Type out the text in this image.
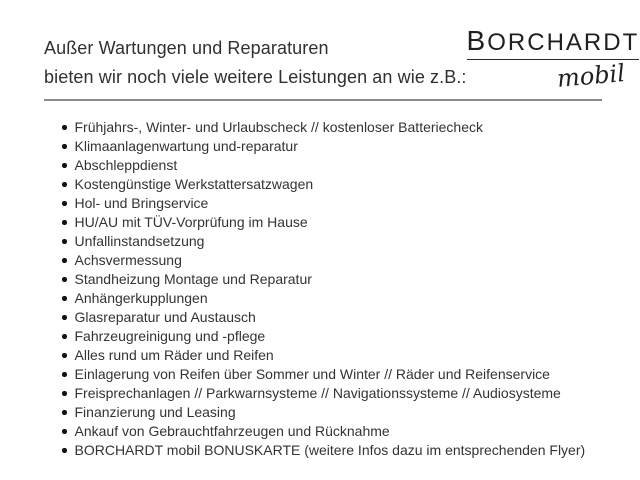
Außer Wartungen und Reparaturen
bieten wir noch viele weitere Leistungen an wie z.B.:
BORCHARDT
mobil
Frühjahrs-, Winter- und Urlaubscheck // kostenloser Batteriecheck
Klimaanlagenwartung und-reparatur
Abschleppdienst
Kostengünstige Werkstattersatzwagen
Hol- und Bringservice
HU/AU mit TÜV-Vorprüfung im Hause
Unfallinstandsetzung
Achsvermessung
Standheizung Montage und Reparatur
Anhängerkupplungen
Glasreparatur und Austausch
Fahrzeugreinigung und -pflege
Alles rund um Räder und Reifen
Einlagerung von Reifen über Sommer und Winter // Räder und Reifenservice
Freisprechanlagen // Parkwarnsysteme // Navigationssysteme // Audiosysteme
Finanzierung und Leasing
Ankauf von Gebrauchtfahrzeugen und Rücknahme
BORCHARDT mobil BONUSKARTE (weitere Infos dazu im entsprechenden Flyer)
